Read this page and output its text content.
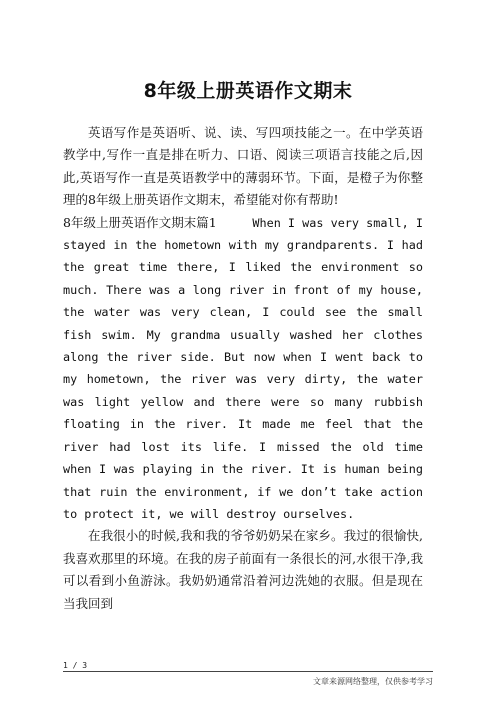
8年级上册英语作文期末

英语写作是英语听、说、读、写四项技能之一。在中学英语教学中,写作一直是排在听力、口语、阅读三项语言技能之后,因此,英语写作一直是英语教学中的薄弱环节。下面，是橙子为你整理的8年级上册英语作文期末，希望能对你有帮助!

8年级上册英语作文期末篇1	When I was very small, I stayed in the hometown with my grandparents. I had the great time there, I liked the environment so much. There was a long river in front of my house, the water was very clean, I could see the small fish swim. My grandma usually washed her clothes along the river side. But now when I went back to my hometown, the river was very dirty, the water was light yellow and there were so many rubbish floating in the river. It made me feel that the river had lost its life. I missed the old time when I was playing in the river. It is human being that ruin the environment, if we don’t take action to protect it, we will destroy ourselves.

在我很小的时候,我和我的爷爷奶奶呆在家乡。我过的很愉快,我喜欢那里的环境。在我的房子前面有一条很长的河,水很干净,我可以看到小鱼游泳。我奶奶通常沿着河边洗她的衣服。但是现在当我回到

1 / 3
文章来源网络整理，仅供参考学习
